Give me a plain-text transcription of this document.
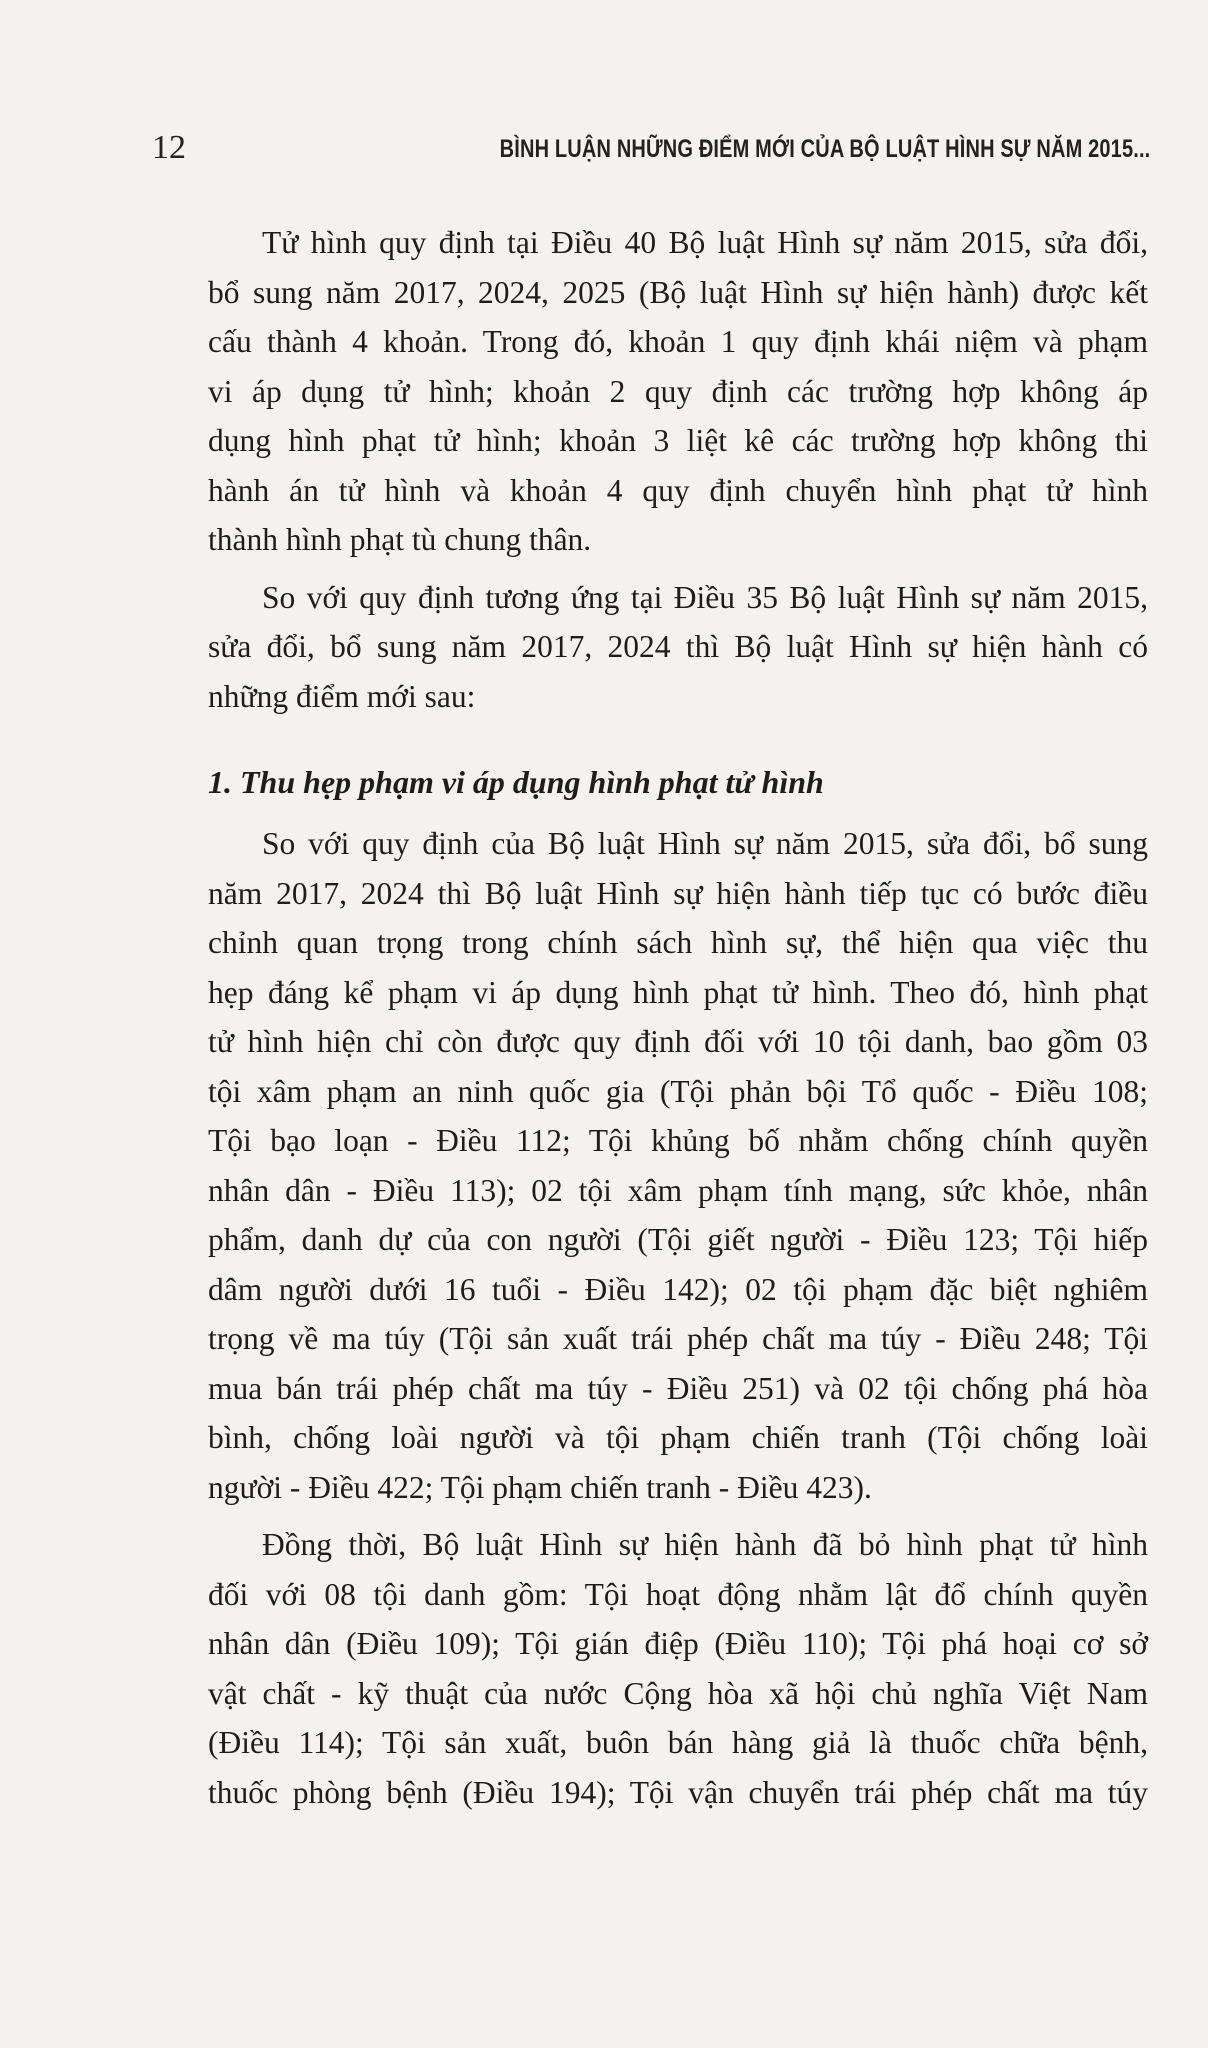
12	BÌNH LUẬN NHỮNG ĐIỂM MỚI CỦA BỘ LUẬT HÌNH SỰ NĂM 2015...

Tử hình quy định tại Điều 40 Bộ luật Hình sự năm 2015, sửa đổi,
bổ sung năm 2017, 2024, 2025 (Bộ luật Hình sự hiện hành) được kết
cấu thành 4 khoản. Trong đó, khoản 1 quy định khái niệm và phạm
vi áp dụng tử hình; khoản 2 quy định các trường hợp không áp
dụng hình phạt tử hình; khoản 3 liệt kê các trường hợp không thi
hành án tử hình và khoản 4 quy định chuyển hình phạt tử hình
thành hình phạt tù chung thân.

So với quy định tương ứng tại Điều 35 Bộ luật Hình sự năm 2015,
sửa đổi, bổ sung năm 2017, 2024 thì Bộ luật Hình sự hiện hành có
những điểm mới sau:

1. Thu hẹp phạm vi áp dụng hình phạt tử hình

So với quy định của Bộ luật Hình sự năm 2015, sửa đổi, bổ sung
năm 2017, 2024 thì Bộ luật Hình sự hiện hành tiếp tục có bước điều
chỉnh quan trọng trong chính sách hình sự, thể hiện qua việc thu
hẹp đáng kể phạm vi áp dụng hình phạt tử hình. Theo đó, hình phạt
tử hình hiện chỉ còn được quy định đối với 10 tội danh, bao gồm 03
tội xâm phạm an ninh quốc gia (Tội phản bội Tổ quốc - Điều 108;
Tội bạo loạn - Điều 112; Tội khủng bố nhằm chống chính quyền
nhân dân - Điều 113); 02 tội xâm phạm tính mạng, sức khỏe, nhân
phẩm, danh dự của con người (Tội giết người - Điều 123; Tội hiếp
dâm người dưới 16 tuổi - Điều 142); 02 tội phạm đặc biệt nghiêm
trọng về ma túy (Tội sản xuất trái phép chất ma túy - Điều 248; Tội
mua bán trái phép chất ma túy - Điều 251) và 02 tội chống phá hòa
bình, chống loài người và tội phạm chiến tranh (Tội chống loài
người - Điều 422; Tội phạm chiến tranh - Điều 423).

Đồng thời, Bộ luật Hình sự hiện hành đã bỏ hình phạt tử hình
đối với 08 tội danh gồm: Tội hoạt động nhằm lật đổ chính quyền
nhân dân (Điều 109); Tội gián điệp (Điều 110); Tội phá hoại cơ sở
vật chất - kỹ thuật của nước Cộng hòa xã hội chủ nghĩa Việt Nam
(Điều 114); Tội sản xuất, buôn bán hàng giả là thuốc chữa bệnh,
thuốc phòng bệnh (Điều 194); Tội vận chuyển trái phép chất ma túy
